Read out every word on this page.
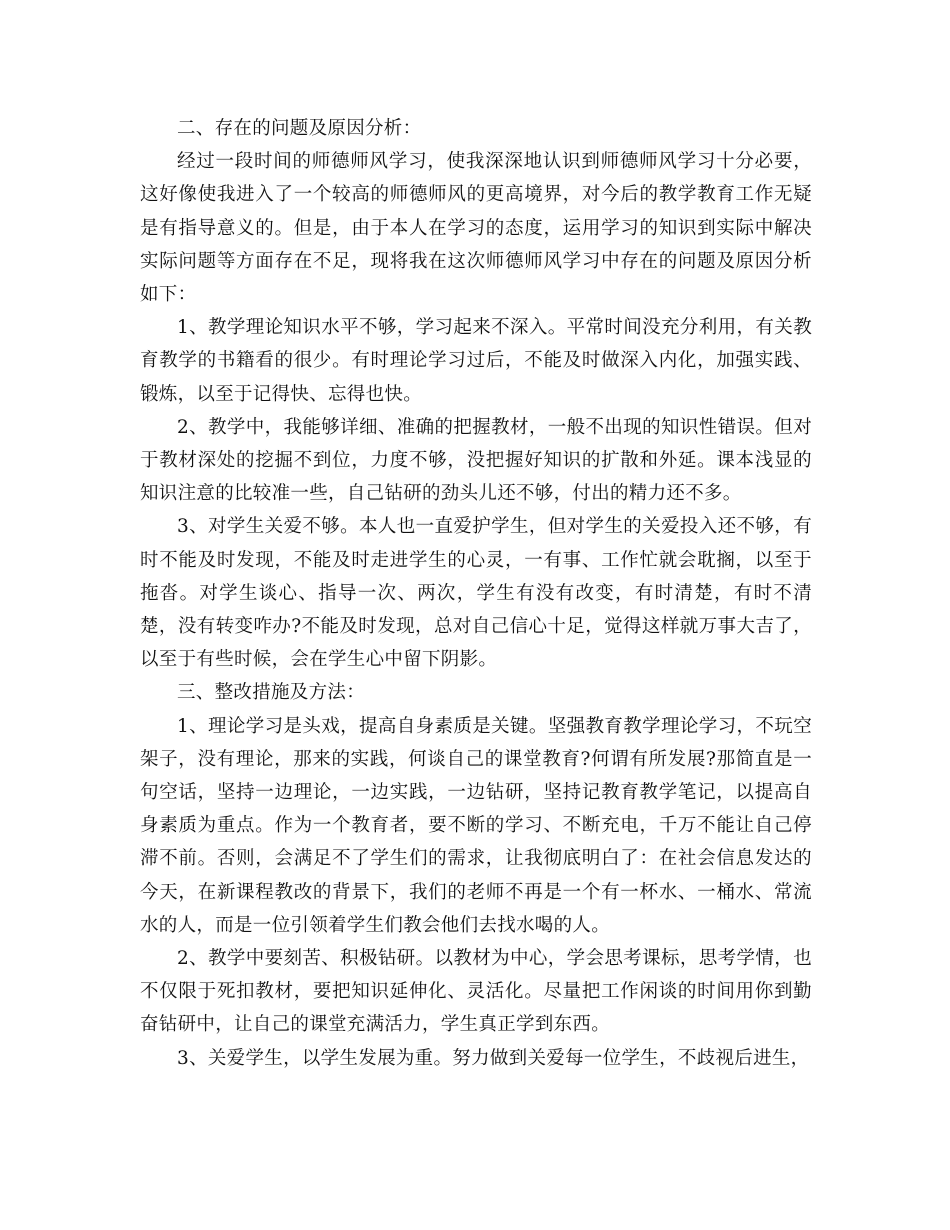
二、存在的问题及原因分析：

经过一段时间的师德师风学习，使我深深地认识到师德师风学习十分必要，这好像使我进入了一个较高的师德师风的更高境界，对今后的教学教育工作无疑是有指导意义的。但是，由于本人在学习的态度，运用学习的知识到实际中解决实际问题等方面存在不足，现将我在这次师德师风学习中存在的问题及原因分析如下：

1、教学理论知识水平不够，学习起来不深入。平常时间没充分利用，有关教育教学的书籍看的很少。有时理论学习过后，不能及时做深入内化，加强实践、锻炼，以至于记得快、忘得也快。

2、教学中，我能够详细、准确的把握教材，一般不出现的知识性错误。但对于教材深处的挖掘不到位，力度不够，没把握好知识的扩散和外延。课本浅显的知识注意的比较准一些，自己钻研的劲头儿还不够，付出的精力还不多。

3、对学生关爱不够。本人也一直爱护学生，但对学生的关爱投入还不够，有时不能及时发现，不能及时走进学生的心灵，一有事、工作忙就会耽搁，以至于拖沓。对学生谈心、指导一次、两次，学生有没有改变，有时清楚，有时不清楚，没有转变咋办?不能及时发现，总对自己信心十足，觉得这样就万事大吉了，以至于有些时候，会在学生心中留下阴影。

三、整改措施及方法：

1、理论学习是头戏，提高自身素质是关键。坚强教育教学理论学习，不玩空架子，没有理论，那来的实践，何谈自己的课堂教育?何谓有所发展?那简直是一句空话，坚持一边理论，一边实践，一边钻研，坚持记教育教学笔记，以提高自身素质为重点。作为一个教育者，要不断的学习、不断充电，千万不能让自己停滞不前。否则，会满足不了学生们的需求，让我彻底明白了：在社会信息发达的今天，在新课程教改的背景下，我们的老师不再是一个有一杯水、一桶水、常流水的人，而是一位引领着学生们教会他们去找水喝的人。

2、教学中要刻苦、积极钻研。以教材为中心，学会思考课标，思考学情，也不仅限于死扣教材，要把知识延伸化、灵活化。尽量把工作闲谈的时间用你到勤奋钻研中，让自己的课堂充满活力，学生真正学到东西。

3、关爱学生，以学生发展为重。努力做到关爱每一位学生，不歧视后进生，
